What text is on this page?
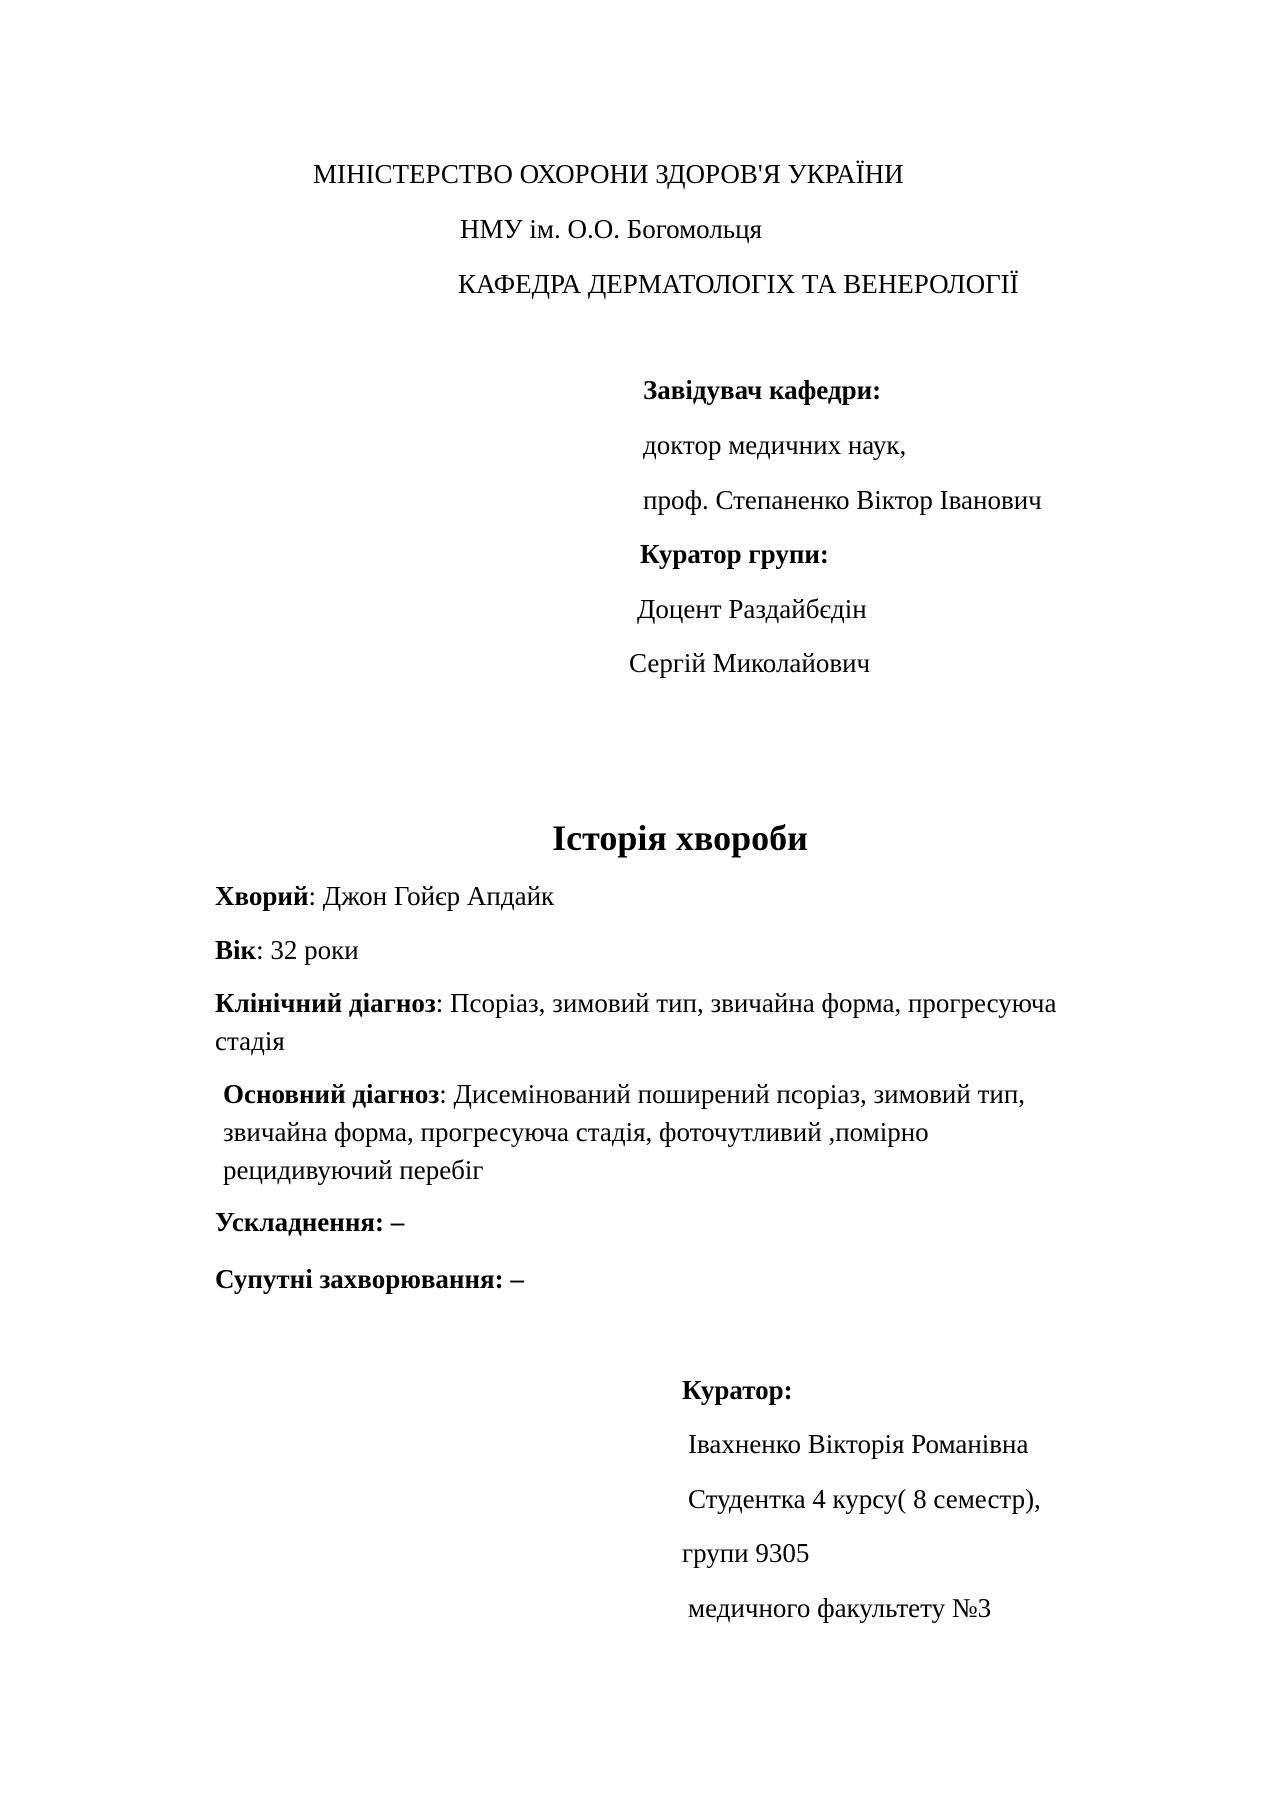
МІНІСТЕРСТВО ОХОРОНИ ЗДОРОВ'Я УКРАЇНИ
НМУ ім. О.О. Богомольця
КАФЕДРА ДЕРМАТОЛОГІХ ТА ВЕНЕРОЛОГІЇ
Завідувач кафедри:
доктор медичних наук,
проф. Степаненко Віктор Іванович
Куратор групи:
Доцент Раздайбєдін
Сергій Миколайович
Історія хвороби
Хворий: Джон Гойєр Апдайк
Вік: 32 роки
Клінічний діагноз: Псоріаз, зимовий тип, звичайна форма, прогресуюча стадія
Основний діагноз: Дисемінований поширений псоріаз, зимовий тип, звичайна форма, прогресуюча стадія, фоточутливий ,помірно рецидивуючий перебіг
Ускладнення: –
Супутні захворювання: –
Куратор:
Івахненко Вікторія Романівна
Студентка 4 курсу( 8 семестр),
групи 9305
медичного факультету №3
